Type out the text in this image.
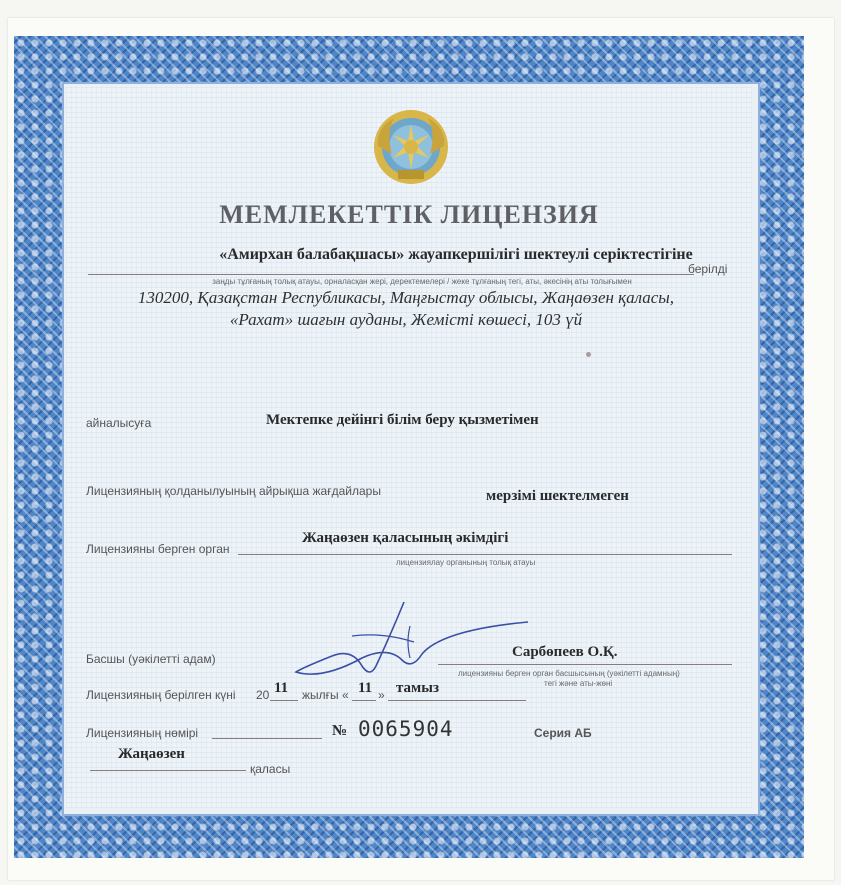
МЕМЛЕКЕТТІК ЛИЦЕНЗИЯ
«Амирхан балабақшасы» жауапкершілігі шектеулі серіктестігіне
берілді
заңды тұлғаның толық атауы, орналасқан жері, деректемелері / жеке тұлғаның тегі, аты, әкесінің аты толығымен
130200, Қазақстан Республикасы, Маңғыстау облысы, Жаңаөзен қаласы,
«Рахат» шағын ауданы, Жемісті көшесі, 103 үй
айналысуға	Мектепке дейінгі білім беру қызметімен
Лицензияның қолданылуының айрықша жағдайлары	мерзімі шектелмеген
Жаңаөзен қаласының әкімдігі
Лицензияны берген орган
лицензиялау органының толық атауы
Басшы (уәкілетті адам)	Сарбөпеев О.Қ.
лицензияны берген орган басшысының (уәкілетті адамның)
тегі және аты-жөні
Лицензияның берілген күні 20 11 жылғы « 11 » тамыз
Лицензияның нөмірі	№ 0065904	Серия АБ
Жаңаөзен
қаласы
